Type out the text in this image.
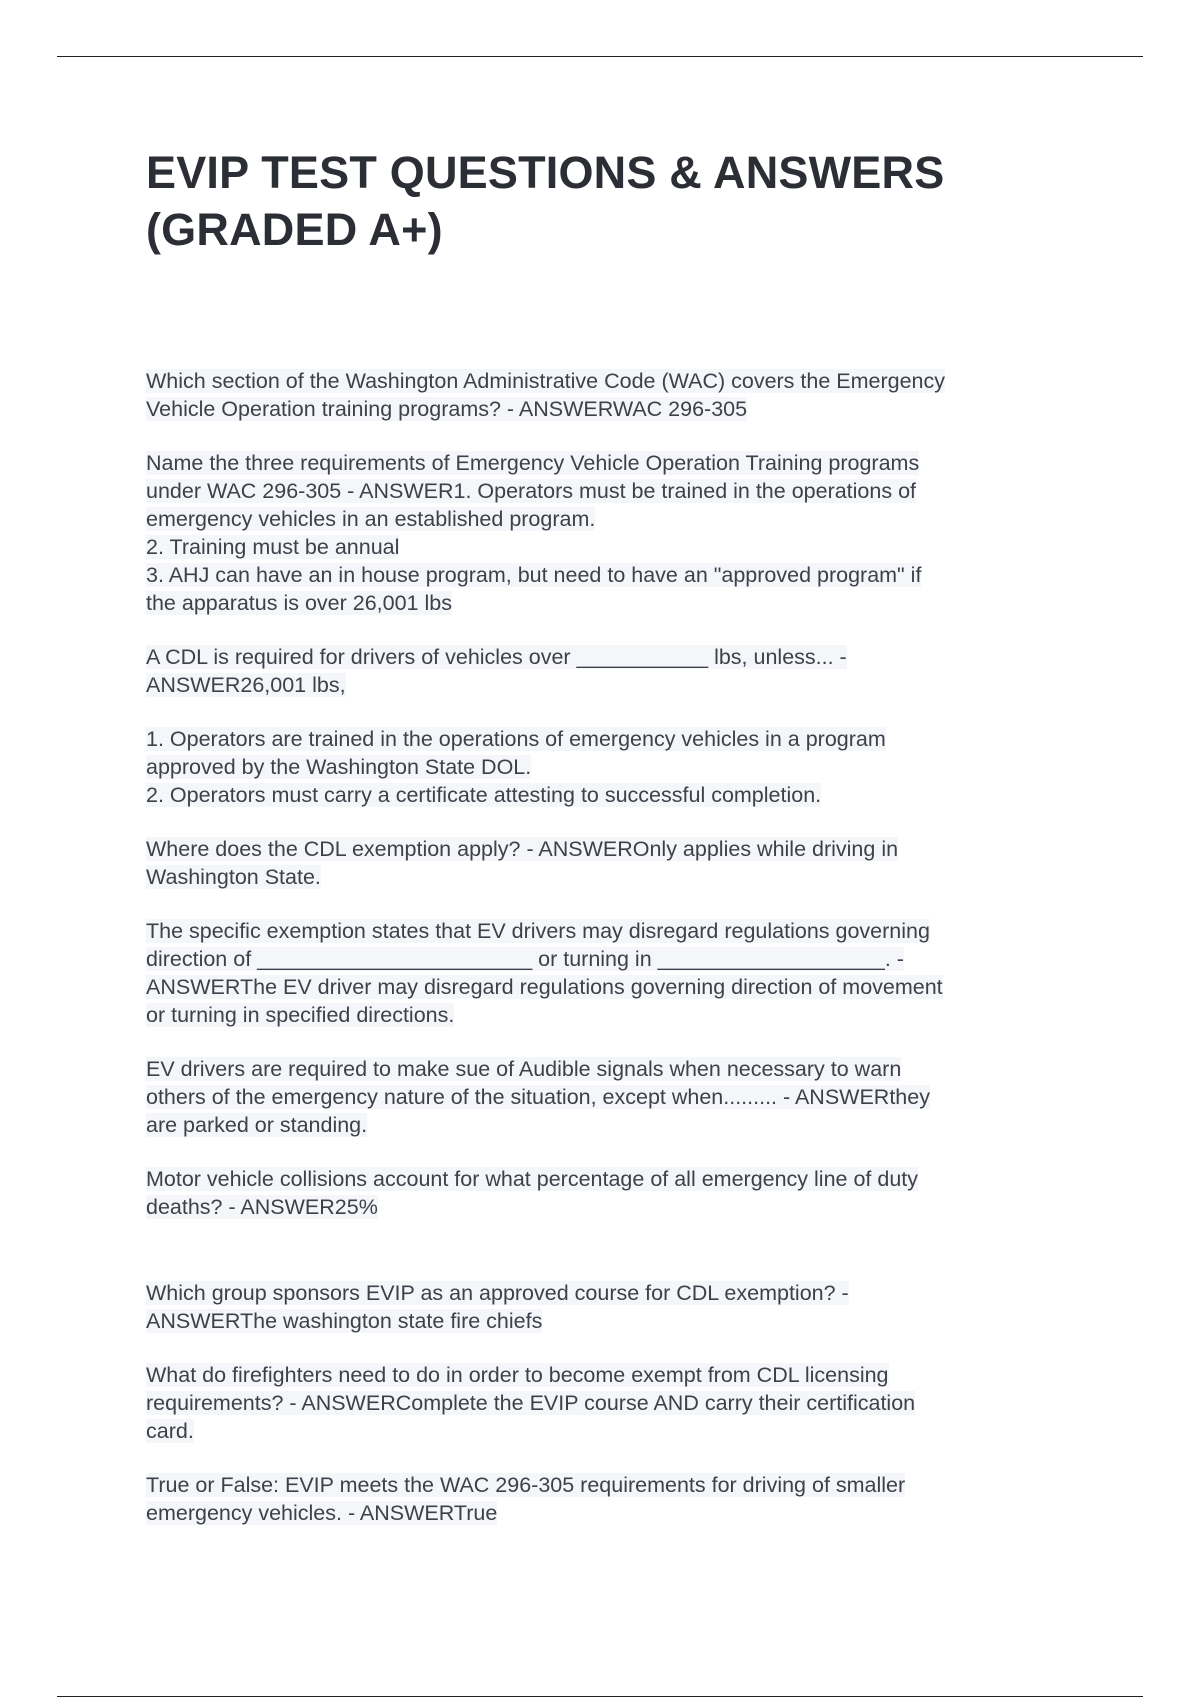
EVIP TEST QUESTIONS & ANSWERS
(GRADED A+)
Which section of the Washington Administrative Code (WAC) covers the Emergency
Vehicle Operation training programs? - ANSWERWAC 296-305
Name the three requirements of Emergency Vehicle Operation Training programs
under WAC 296-305 - ANSWER1. Operators must be trained in the operations of
emergency vehicles in an established program.
2. Training must be annual
3. AHJ can have an in house program, but need to have an "approved program" if
the apparatus is over 26,001 lbs
A CDL is required for drivers of vehicles over ___________ lbs, unless... -
ANSWER26,001 lbs,
1. Operators are trained in the operations of emergency vehicles in a program
approved by the Washington State DOL.
2. Operators must carry a certificate attesting to successful completion.
Where does the CDL exemption apply? - ANSWEROnly applies while driving in
Washington State.
The specific exemption states that EV drivers may disregard regulations governing
direction of _______________________ or turning in ___________________. -
ANSWERThe EV driver may disregard regulations governing direction of movement
or turning in specified directions.
EV drivers are required to make sue of Audible signals when necessary to warn
others of the emergency nature of the situation, except when......... - ANSWERthey
are parked or standing.
Motor vehicle collisions account for what percentage of all emergency line of duty
deaths? - ANSWER25%
Which group sponsors EVIP as an approved course for CDL exemption? -
ANSWERThe washington state fire chiefs
What do firefighters need to do in order to become exempt from CDL licensing
requirements? - ANSWERComplete the EVIP course AND carry their certification
card.
True or False: EVIP meets the WAC 296-305 requirements for driving of smaller
emergency vehicles. - ANSWERTrue
